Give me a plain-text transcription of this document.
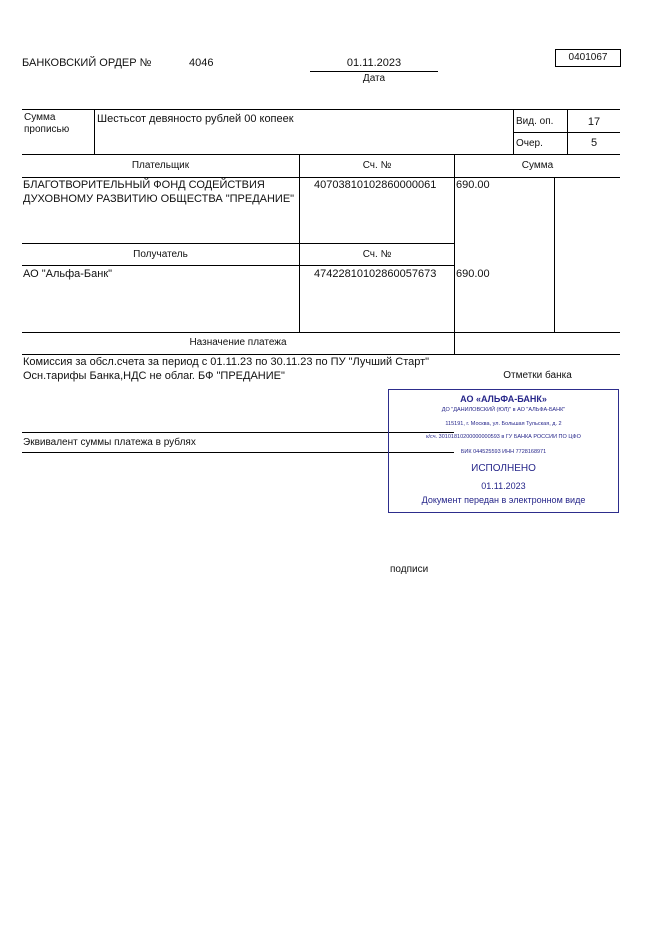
БАНКОВСКИЙ ОРДЕР №	4046	01.11.2023
Дата
0401067
Сумма прописью
Шестьсот девяносто рублей 00 копеек	Вид. оп.	17
Очер.	5
Плательщик	Сч. №	Сумма
БЛАГОТВОРИТЕЛЬНЫЙ ФОНД СОДЕЙСТВИЯ
ДУХОВНОМУ РАЗВИТИЮ ОБЩЕСТВА "ПРЕДАНИЕ"
40703810102860000061 690.00
Получатель	Сч. №
АО "Альфа-Банк"	47422810102860057673 690.00
Назначение платежа
Комиссия за обсл.счета за период с 01.11.23 по 30.11.23 по ПУ "Лучший Старт"
Осн.тарифы Банка,НДС не облаг. БФ "ПРЕДАНИЕ"	Отметки банка
Эквивалент суммы платежа в рублях
АО «АЛЬФА-БАНК»
ДО "ДАНИЛОВСКИЙ (ЮЛ)" в АО "АЛЬФА-БАНК"
115191, г. Москва, ул. Большая Тульская, д. 2
к/сч. 30101810200000000593 в ГУ БАНКА РОССИИ ПО ЦФО
БИК 044525593 ИНН 7728168971
ИСПОЛНЕНО
01.11.2023
Документ передан в электронном виде
подписи
